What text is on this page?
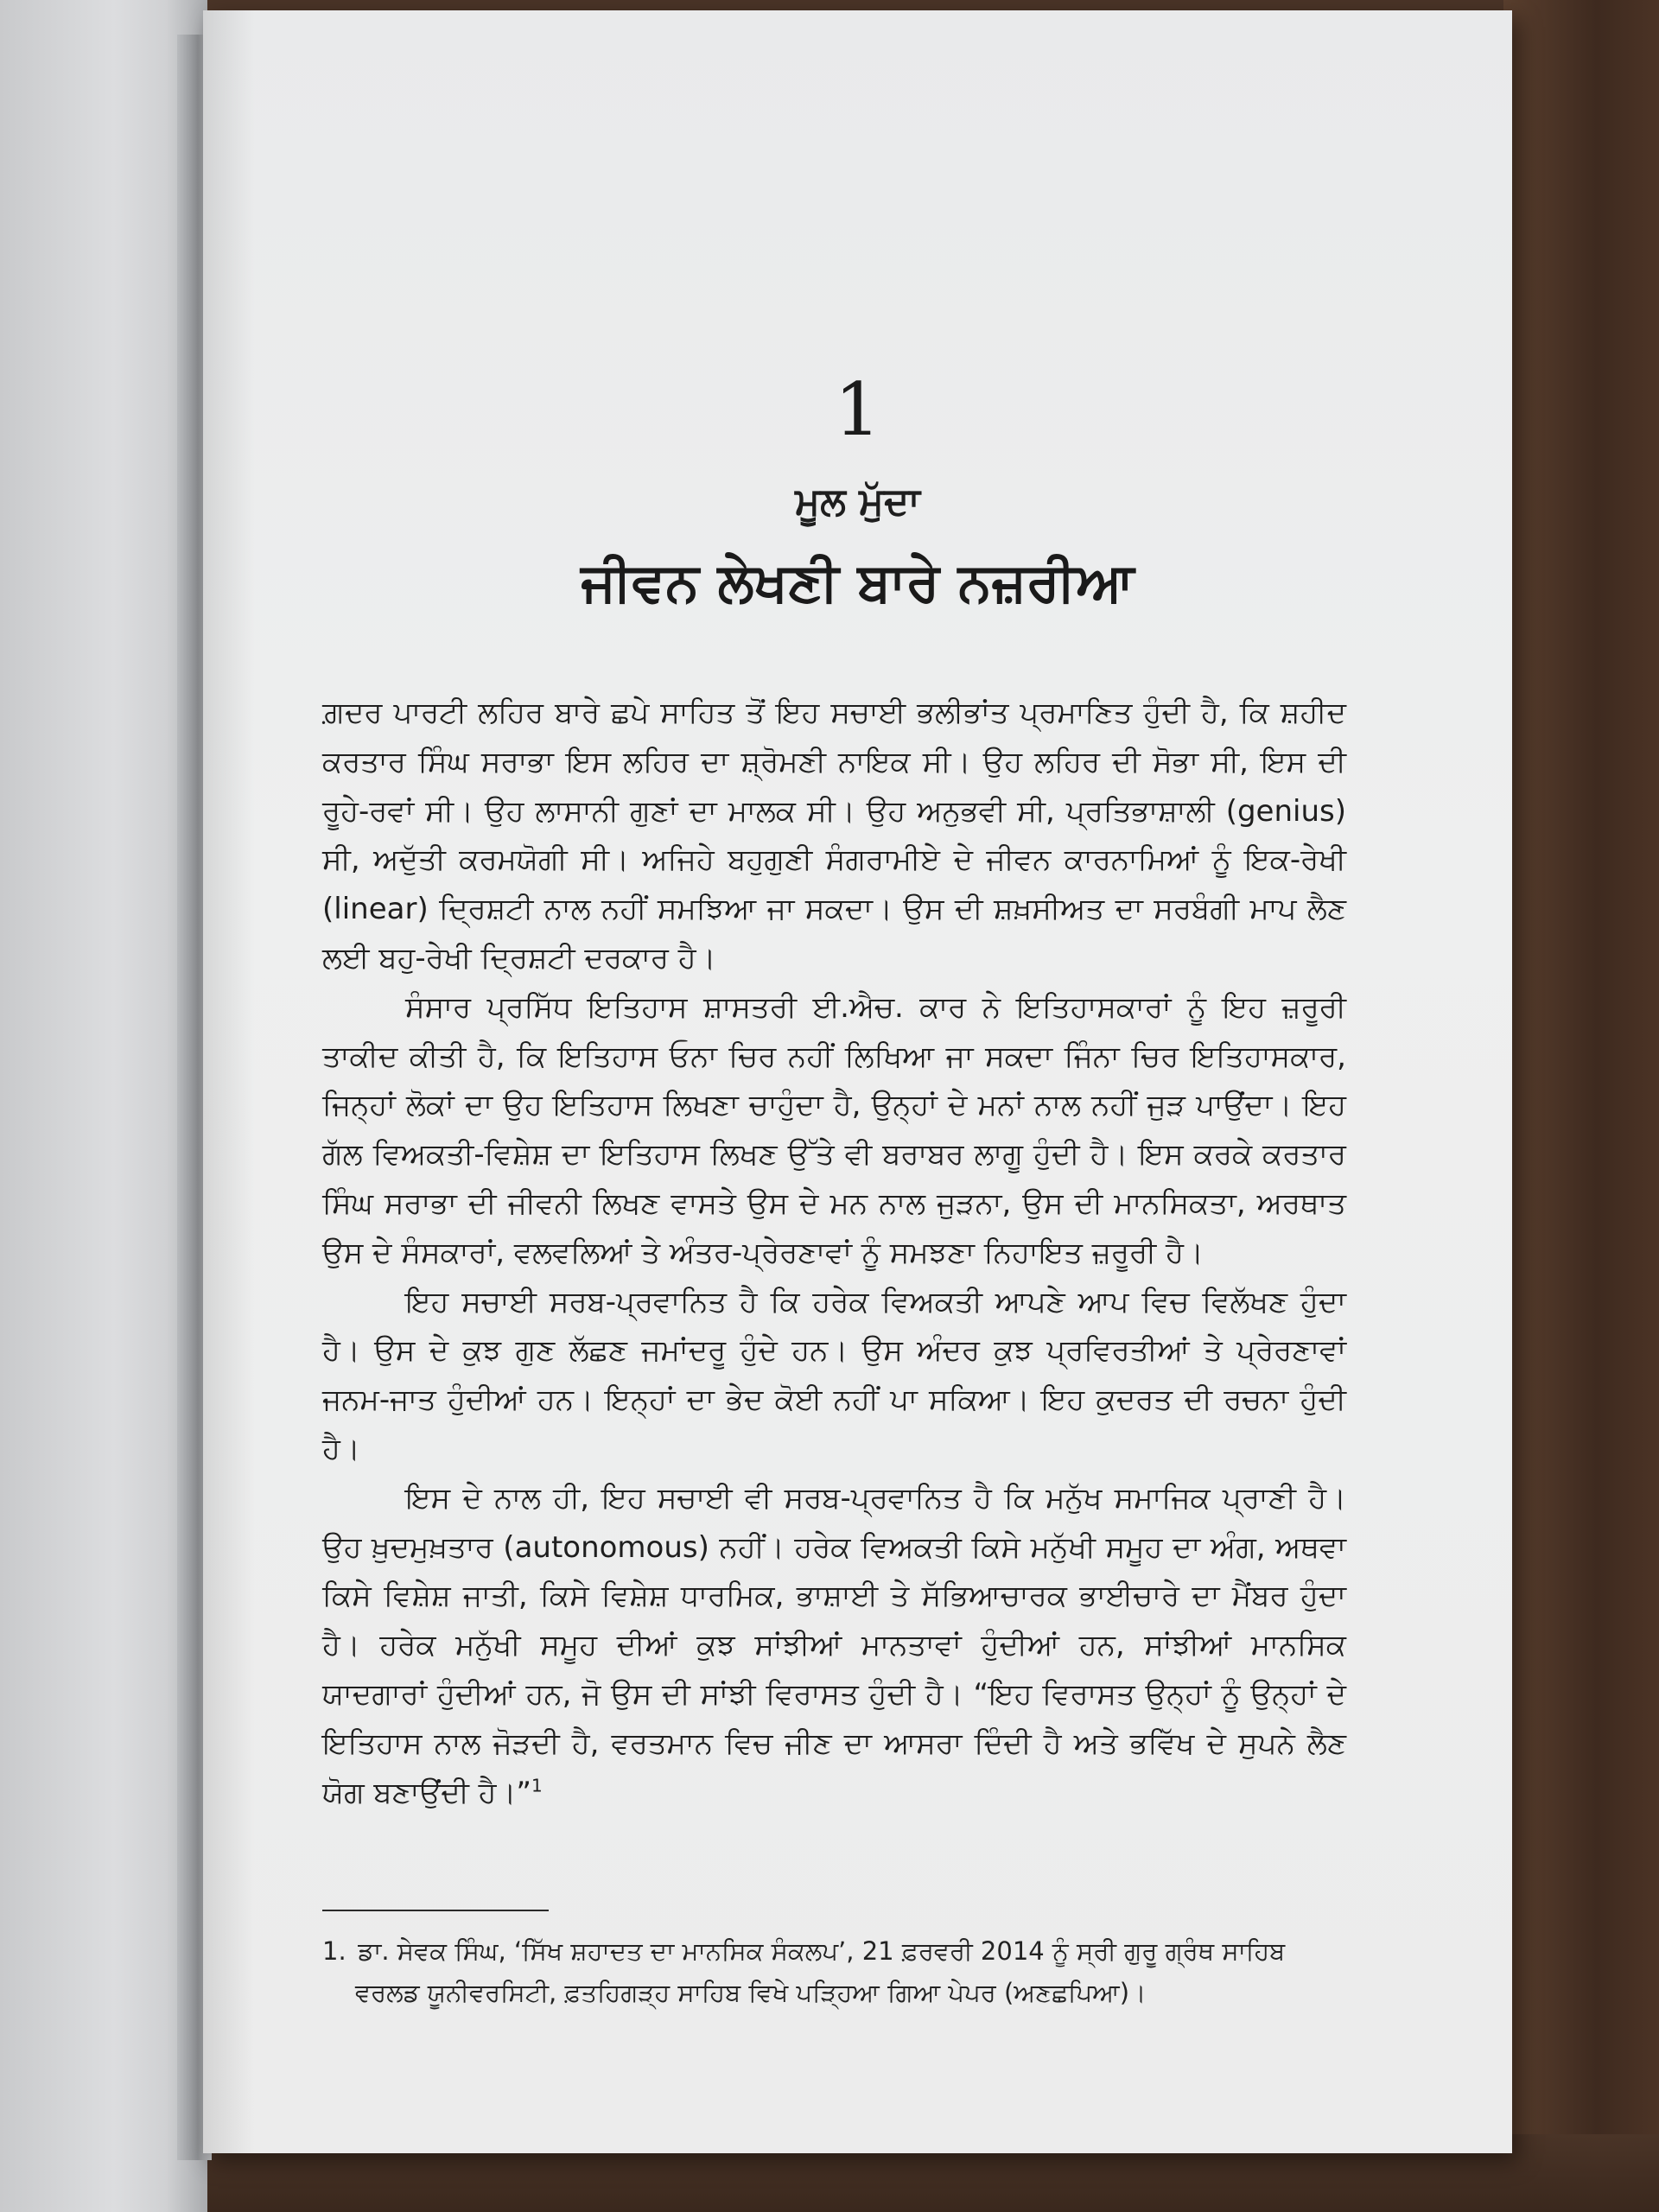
1
ਮੂਲ ਮੁੱਦਾ
ਜੀਵਨ ਲੇਖਣੀ ਬਾਰੇ ਨਜ਼ਰੀਆ

ਗ਼ਦਰ ਪਾਰਟੀ ਲਹਿਰ ਬਾਰੇ ਛਪੇ ਸਾਹਿਤ ਤੋਂ ਇਹ ਸਚਾਈ ਭਲੀਭਾਂਤ ਪ੍ਰਮਾਣਿਤ ਹੁੰਦੀ ਹੈ, ਕਿ ਸ਼ਹੀਦ ਕਰਤਾਰ ਸਿੰਘ ਸਰਾਭਾ ਇਸ ਲਹਿਰ ਦਾ ਸ਼੍ਰੋਮਣੀ ਨਾਇਕ ਸੀ। ਉਹ ਲਹਿਰ ਦੀ ਸੋਭਾ ਸੀ, ਇਸ ਦੀ ਰੂਹੇ-ਰਵਾਂ ਸੀ। ਉਹ ਲਾਸਾਨੀ ਗੁਣਾਂ ਦਾ ਮਾਲਕ ਸੀ। ਉਹ ਅਨੁਭਵੀ ਸੀ, ਪ੍ਰਤਿਭਾਸ਼ਾਲੀ (genius) ਸੀ, ਅਦੁੱਤੀ ਕਰਮਯੋਗੀ ਸੀ। ਅਜਿਹੇ ਬਹੁਗੁਣੀ ਸੰਗਰਾਮੀਏ ਦੇ ਜੀਵਨ ਕਾਰਨਾਮਿਆਂ ਨੂੰ ਇਕ-ਰੇਖੀ (linear) ਦ੍ਰਿਸ਼ਟੀ ਨਾਲ ਨਹੀਂ ਸਮਝਿਆ ਜਾ ਸਕਦਾ। ਉਸ ਦੀ ਸ਼ਖ਼ਸੀਅਤ ਦਾ ਸਰਬੰਗੀ ਮਾਪ ਲੈਣ ਲਈ ਬਹੁ-ਰੇਖੀ ਦ੍ਰਿਸ਼ਟੀ ਦਰਕਾਰ ਹੈ।

ਸੰਸਾਰ ਪ੍ਰਸਿੱਧ ਇਤਿਹਾਸ ਸ਼ਾਸਤਰੀ ਈ.ਐਚ. ਕਾਰ ਨੇ ਇਤਿਹਾਸਕਾਰਾਂ ਨੂੰ ਇਹ ਜ਼ਰੂਰੀ ਤਾਕੀਦ ਕੀਤੀ ਹੈ, ਕਿ ਇਤਿਹਾਸ ਓਨਾ ਚਿਰ ਨਹੀਂ ਲਿਖਿਆ ਜਾ ਸਕਦਾ ਜਿੰਨਾ ਚਿਰ ਇਤਿਹਾਸਕਾਰ, ਜਿਨ੍ਹਾਂ ਲੋਕਾਂ ਦਾ ਉਹ ਇਤਿਹਾਸ ਲਿਖਣਾ ਚਾਹੁੰਦਾ ਹੈ, ਉਨ੍ਹਾਂ ਦੇ ਮਨਾਂ ਨਾਲ ਨਹੀਂ ਜੁੜ ਪਾਉਂਦਾ। ਇਹ ਗੱਲ ਵਿਅਕਤੀ-ਵਿਸ਼ੇਸ਼ ਦਾ ਇਤਿਹਾਸ ਲਿਖਣ ਉੱਤੇ ਵੀ ਬਰਾਬਰ ਲਾਗੂ ਹੁੰਦੀ ਹੈ। ਇਸ ਕਰਕੇ ਕਰਤਾਰ ਸਿੰਘ ਸਰਾਭਾ ਦੀ ਜੀਵਨੀ ਲਿਖਣ ਵਾਸਤੇ ਉਸ ਦੇ ਮਨ ਨਾਲ ਜੁੜਨਾ, ਉਸ ਦੀ ਮਾਨਸਿਕਤਾ, ਅਰਥਾਤ ਉਸ ਦੇ ਸੰਸਕਾਰਾਂ, ਵਲਵਲਿਆਂ ਤੇ ਅੰਤਰ-ਪ੍ਰੇਰਣਾਵਾਂ ਨੂੰ ਸਮਝਣਾ ਨਿਹਾਇਤ ਜ਼ਰੂਰੀ ਹੈ।

ਇਹ ਸਚਾਈ ਸਰਬ-ਪ੍ਰਵਾਨਿਤ ਹੈ ਕਿ ਹਰੇਕ ਵਿਅਕਤੀ ਆਪਣੇ ਆਪ ਵਿਚ ਵਿਲੱਖਣ ਹੁੰਦਾ ਹੈ। ਉਸ ਦੇ ਕੁਝ ਗੁਣ ਲੱਛਣ ਜਮਾਂਦਰੂ ਹੁੰਦੇ ਹਨ। ਉਸ ਅੰਦਰ ਕੁਝ ਪ੍ਰਵਿਰਤੀਆਂ ਤੇ ਪ੍ਰੇਰਣਾਵਾਂ ਜਨਮ-ਜਾਤ ਹੁੰਦੀਆਂ ਹਨ। ਇਨ੍ਹਾਂ ਦਾ ਭੇਦ ਕੋਈ ਨਹੀਂ ਪਾ ਸਕਿਆ। ਇਹ ਕੁਦਰਤ ਦੀ ਰਚਨਾ ਹੁੰਦੀ ਹੈ।

ਇਸ ਦੇ ਨਾਲ ਹੀ, ਇਹ ਸਚਾਈ ਵੀ ਸਰਬ-ਪ੍ਰਵਾਨਿਤ ਹੈ ਕਿ ਮਨੁੱਖ ਸਮਾਜਿਕ ਪ੍ਰਾਣੀ ਹੈ। ਉਹ ਖ਼ੁਦਮੁਖ਼ਤਾਰ (autonomous) ਨਹੀਂ। ਹਰੇਕ ਵਿਅਕਤੀ ਕਿਸੇ ਮਨੁੱਖੀ ਸਮੂਹ ਦਾ ਅੰਗ, ਅਥਵਾ ਕਿਸੇ ਵਿਸ਼ੇਸ਼ ਜਾਤੀ, ਕਿਸੇ ਵਿਸ਼ੇਸ਼ ਧਾਰਮਿਕ, ਭਾਸ਼ਾਈ ਤੇ ਸੱਭਿਆਚਾਰਕ ਭਾਈਚਾਰੇ ਦਾ ਮੈਂਬਰ ਹੁੰਦਾ ਹੈ। ਹਰੇਕ ਮਨੁੱਖੀ ਸਮੂਹ ਦੀਆਂ ਕੁਝ ਸਾਂਝੀਆਂ ਮਾਨਤਾਵਾਂ ਹੁੰਦੀਆਂ ਹਨ, ਸਾਂਝੀਆਂ ਮਾਨਸਿਕ ਯਾਦਗਾਰਾਂ ਹੁੰਦੀਆਂ ਹਨ, ਜੋ ਉਸ ਦੀ ਸਾਂਝੀ ਵਿਰਾਸਤ ਹੁੰਦੀ ਹੈ। “ਇਹ ਵਿਰਾਸਤ ਉਨ੍ਹਾਂ ਨੂੰ ਉਨ੍ਹਾਂ ਦੇ ਇਤਿਹਾਸ ਨਾਲ ਜੋੜਦੀ ਹੈ, ਵਰਤਮਾਨ ਵਿਚ ਜੀਣ ਦਾ ਆਸਰਾ ਦਿੰਦੀ ਹੈ ਅਤੇ ਭਵਿੱਖ ਦੇ ਸੁਪਨੇ ਲੈਣ ਯੋਗ ਬਣਾਉਂਦੀ ਹੈ।”$^1$

1. ਡਾ. ਸੇਵਕ ਸਿੰਘ, ‘ਸਿੱਖ ਸ਼ਹਾਦਤ ਦਾ ਮਾਨਸਿਕ ਸੰਕਲਪ’, 21 ਫ਼ਰਵਰੀ 2014 ਨੂੰ ਸ੍ਰੀ ਗੁਰੂ ਗ੍ਰੰਥ ਸਾਹਿਬ
ਵਰਲਡ ਯੂਨੀਵਰਸਿਟੀ, ਫ਼ਤਹਿਗੜ੍ਹ ਸਾਹਿਬ ਵਿਖੇ ਪੜ੍ਹਿਆ ਗਿਆ ਪੇਪਰ (ਅਣਛਪਿਆ)।
